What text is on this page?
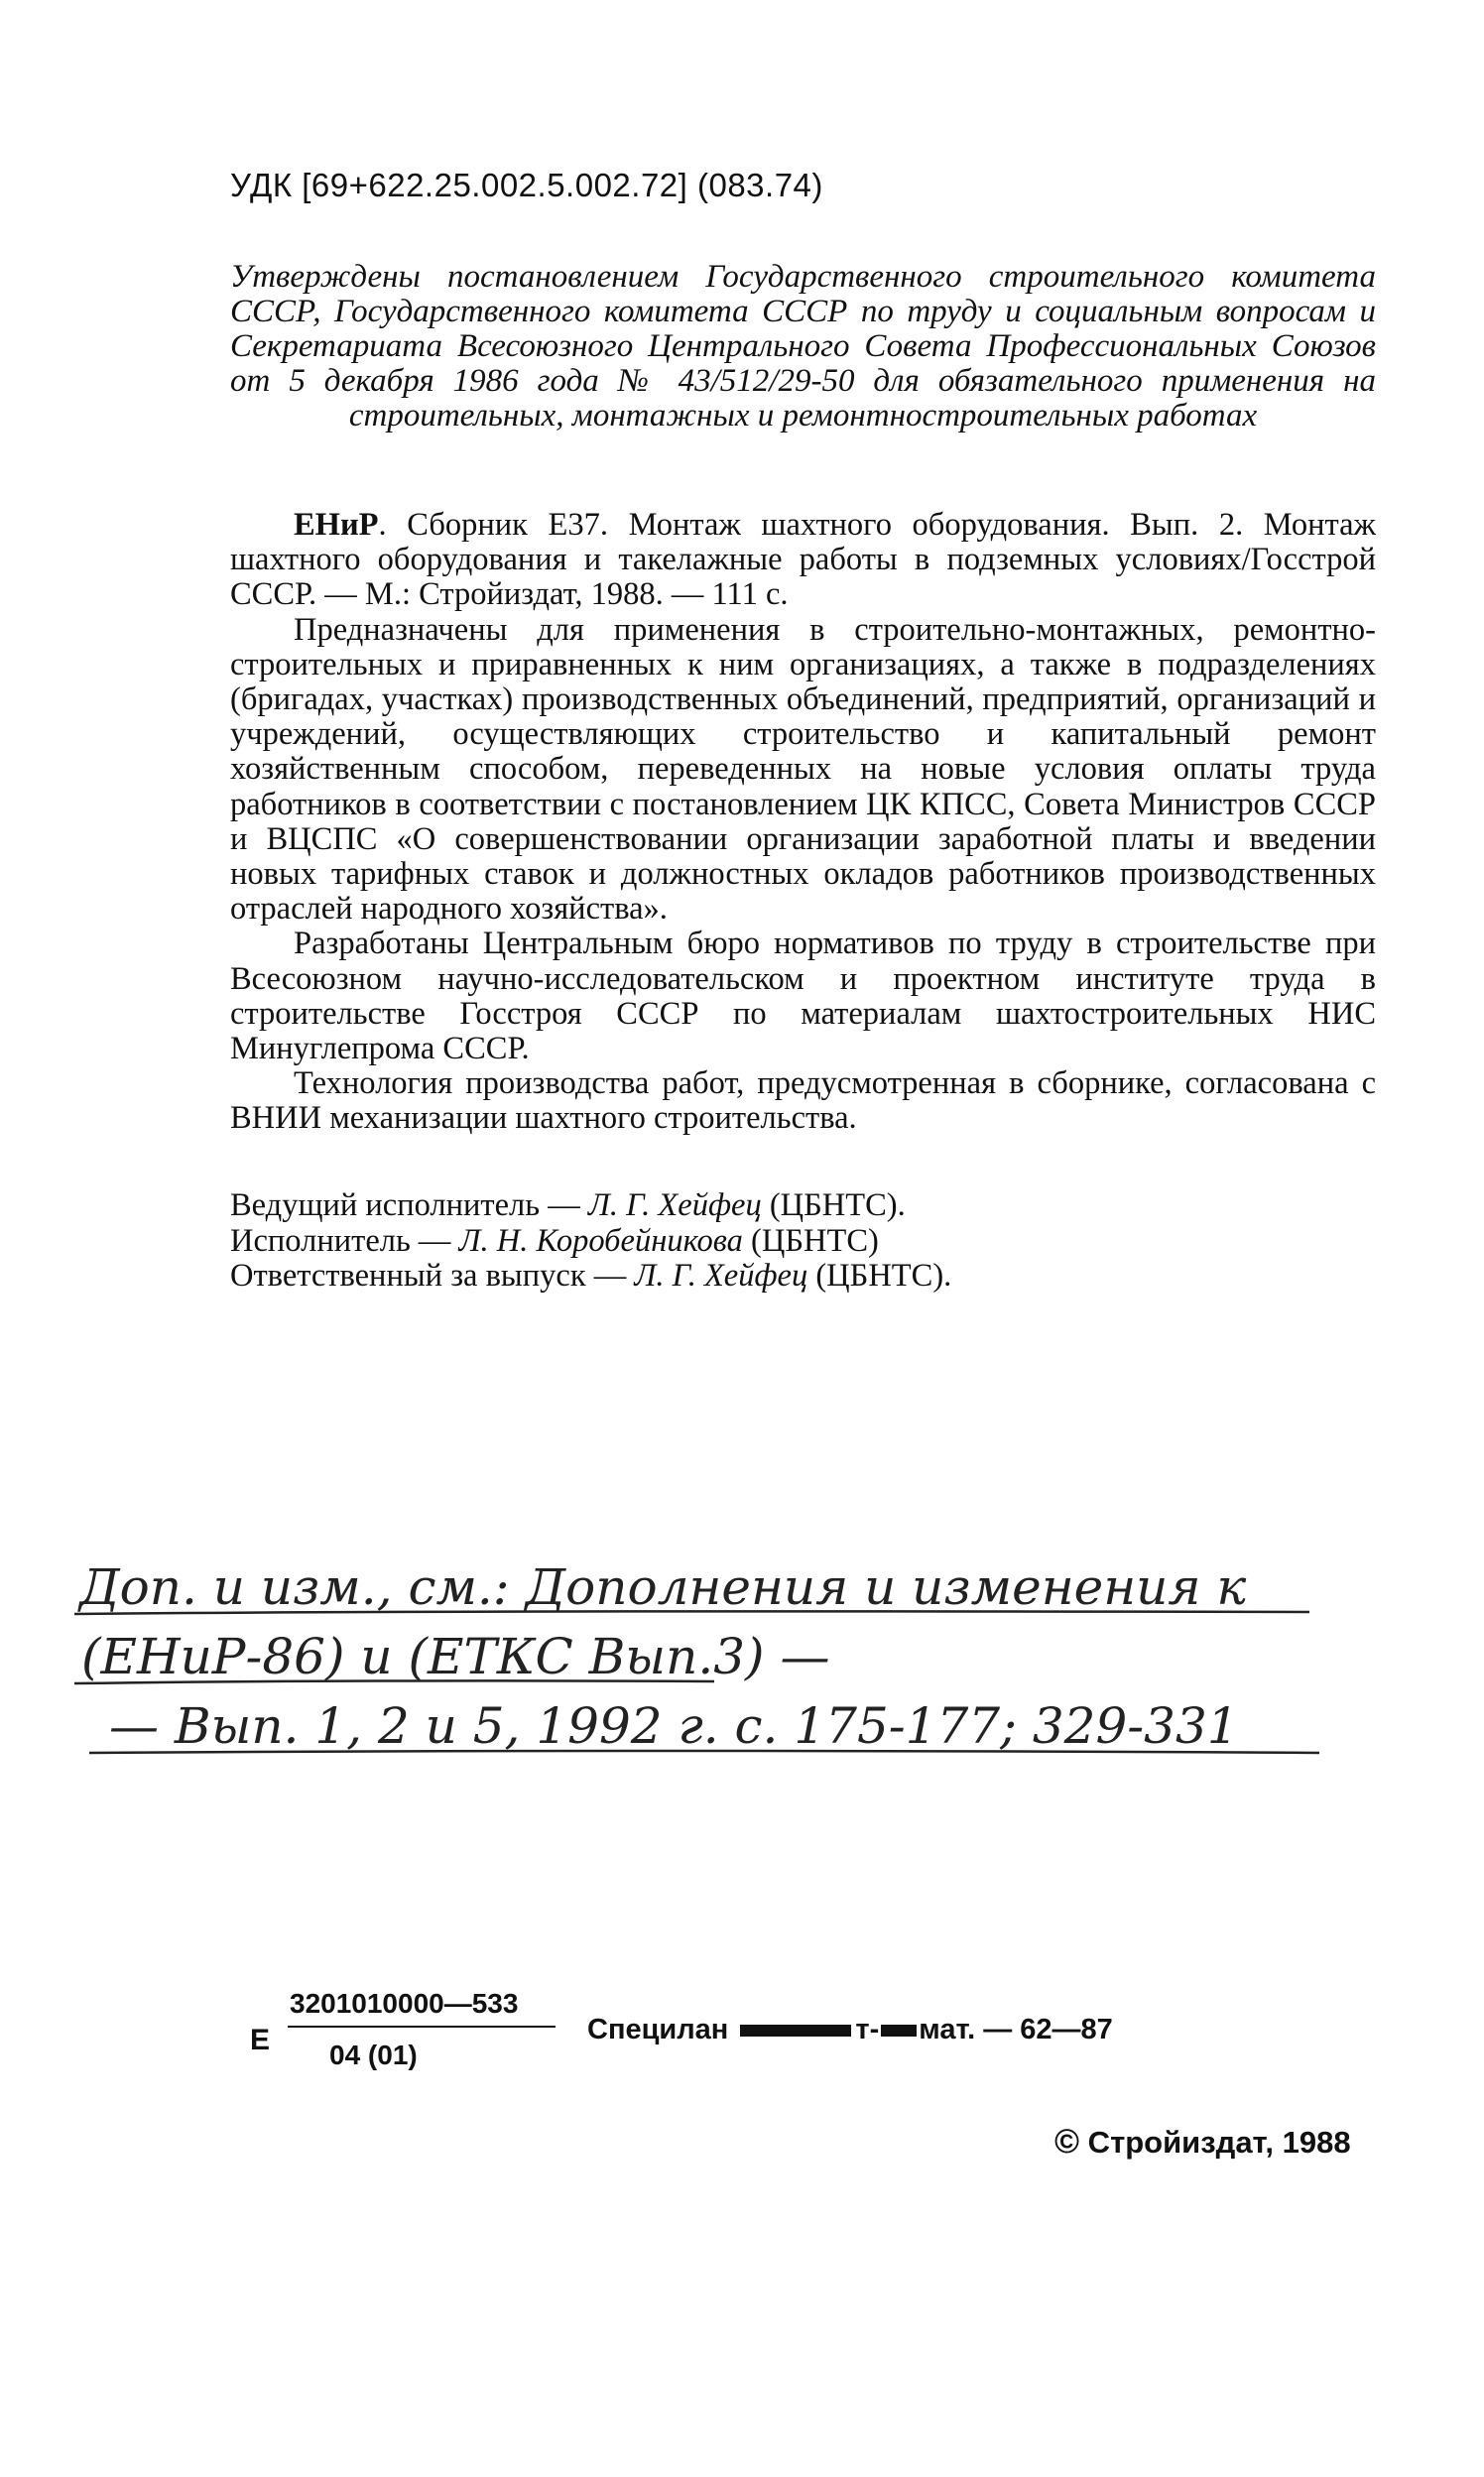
УДК [69+622.25.002.5.002.72] (083.74)
Утверждены постановлением Государственного строительного комитета СССР, Государственного комитета СССР по труду и социальным вопросам и Секретариата Всесоюзного Центрального Совета Профессиональных Союзов от 5 декабря 1986 года № 43/512/29-50 для обязательного применения на строительных, монтажных и ремонтностроительных работах

ЕНиР. Сборник Е37. Монтаж шахтного оборудования. Вып. 2. Монтаж шахтного оборудования и такелажные работы в подземных условиях/Госстрой СССР. — М.: Стройиздат, 1988. — 111 с.

Предназначены для применения в строительно-монтажных, ремонтно-строительных и приравненных к ним организациях, а также в подразделениях (бригадах, участках) производственных объединений, предприятий, организаций и учреждений, осуществляющих строительство и капитальный ремонт хозяйственным способом, переведенных на новые условия оплаты труда работников в соответствии с постановлением ЦК КПСС, Совета Министров СССР и ВЦСПС «О совершенствовании организации заработной платы и введении новых тарифных ставок и должностных окладов работников производственных отраслей народного хозяйства».

Разработаны Центральным бюро нормативов по труду в строительстве при Всесоюзном научно-исследовательском и проектном институте труда в строительстве Госстроя СССР по материалам шахтостроительных НИС Минуглепрома СССР.

Технология производства работ, предусмотренная в сборнике, согласована с ВНИИ механизации шахтного строительства.

Ведущий исполнитель — Л. Г. Хейфец (ЦБНТС).
Исполнитель — Л. Н. Коробейникова (ЦБНТС)
Ответственный за выпуск — Л. Г. Хейфец (ЦБНТС).
Доп. и изм., см.: Дополнения и изменения к
(ЕНиР-86) и (ЕТКС Вып.3) —
— Вып. 1, 2 и 5, 1992 г. с. 175-177; 329-331
Е
3201010000—533
04 (01)
Специлан	т- мат. — 62—87
© Стройиздат, 1988
